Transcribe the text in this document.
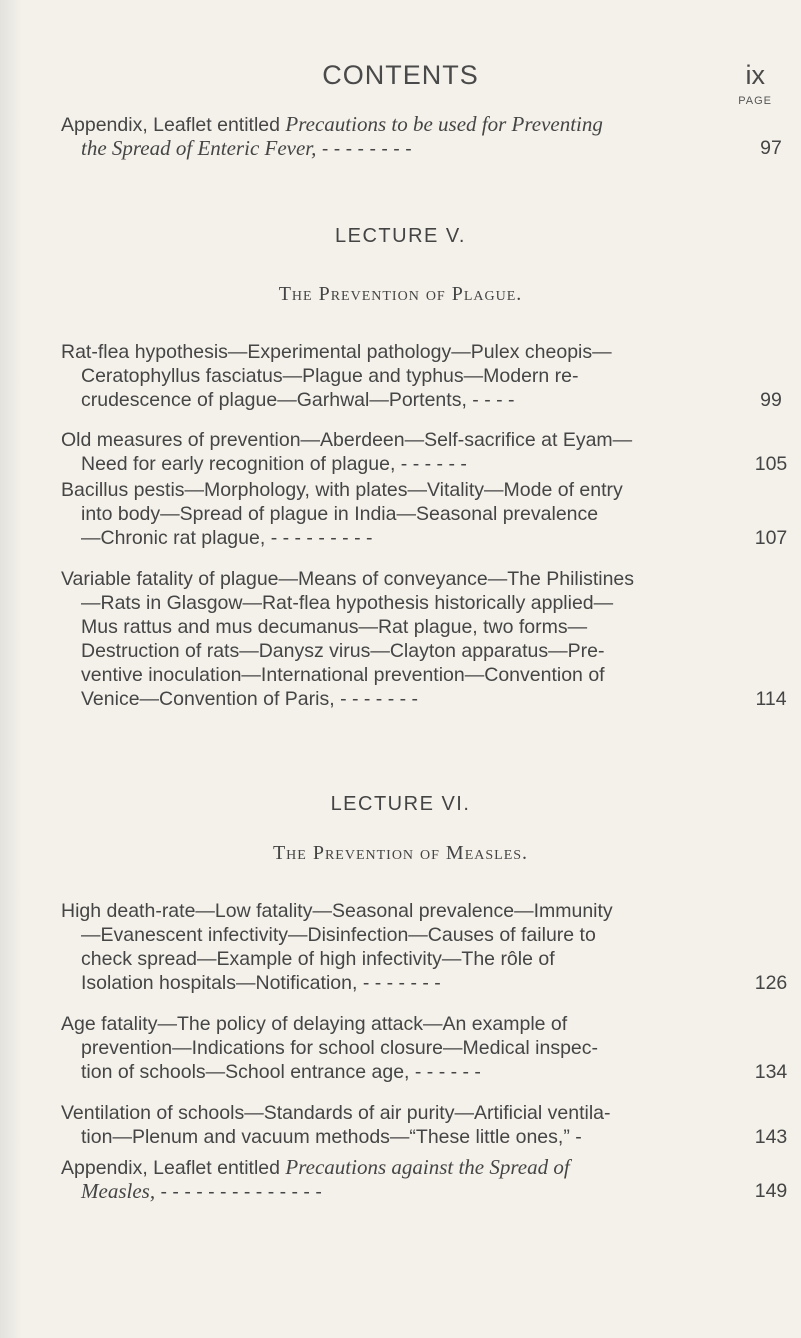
CONTENTS	ix
PAGE
Appendix, Leaflet entitled Precautions to be used for Preventing
the Spread of Enteric Fever, - - - - - - - -	97
LECTURE V.
The Prevention of Plague.
Rat-flea hypothesis—Experimental pathology—Pulex cheopis—
Ceratophyllus fasciatus—Plague and typhus—Modern re-
crudescence of plague—Garhwal—Portents, - - - -	99
Old measures of prevention—Aberdeen—Self-sacrifice at Eyam—
Need for early recognition of plague, - - - - - -	105
Bacillus pestis—Morphology, with plates—Vitality—Mode of entry
into body—Spread of plague in India—Seasonal prevalence
—Chronic rat plague, - - - - - - - - -	107
Variable fatality of plague—Means of conveyance—The Philistines
—Rats in Glasgow—Rat-flea hypothesis historically applied—
Mus rattus and mus decumanus—Rat plague, two forms—
Destruction of rats—Danysz virus—Clayton apparatus—Pre-
ventive inoculation—International prevention—Convention of
Venice—Convention of Paris, - - - - - - -	114
LECTURE VI.
The Prevention of Measles.
High death-rate—Low fatality—Seasonal prevalence—Immunity
—Evanescent infectivity—Disinfection—Causes of failure to
check spread—Example of high infectivity—The rôle of
Isolation hospitals—Notification, - - - - - - -	126
Age fatality—The policy of delaying attack—An example of
prevention—Indications for school closure—Medical inspec-
tion of schools—School entrance age, - - - - - -	134
Ventilation of schools—Standards of air purity—Artificial ventila-
tion—Plenum and vacuum methods—“These little ones,” -	143
Appendix, Leaflet entitled Precautions against the Spread of
Measles, - - - - - - - - - - - - - -	149
